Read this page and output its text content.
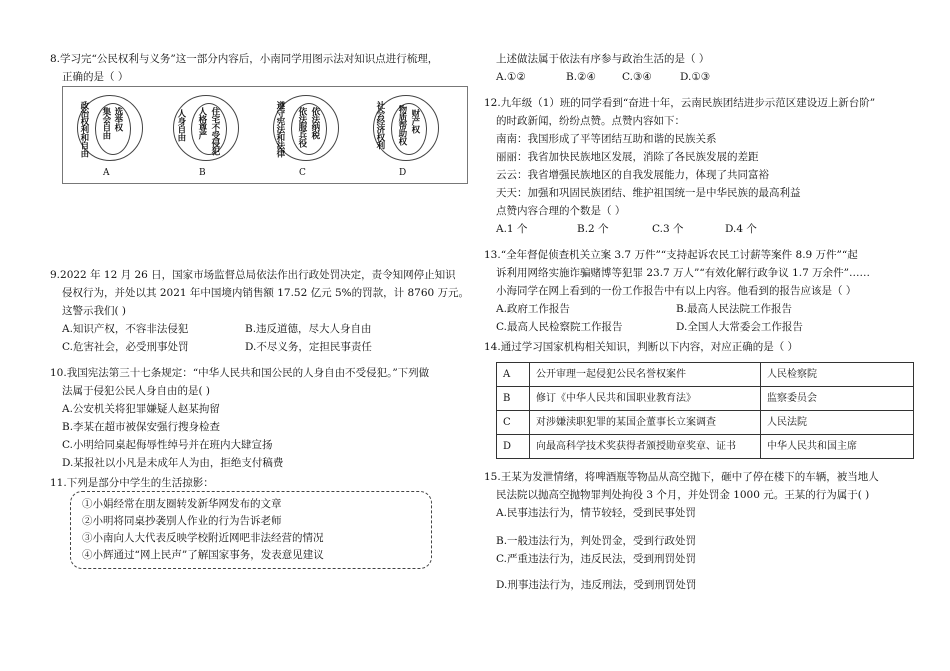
8.学习完“公民权利与义务”这一部分内容后，小南同学用图示法对知识点进行梳理，
正确的是（ ）
政治权利和自由	选举权
集会自由
A
人身自由 人格尊严 住宅不受侵犯
B
遵守宪法和法律 依法服兵役 依法纳税
C
社会经济权利 物质帮助权 财产权
D
9.2022 年 12 月 26 日，国家市场监督总局依法作出行政处罚决定，责令知网停止知识
侵权行为，并处以其 2021 年中国境内销售额 17.52 亿元 5%的罚款，计 8760 万元。
这警示我们( )
A.知识产权，不容非法侵犯	B.违反道德，尽大人身自由
C.危害社会，必受刑事处罚	D.不尽义务，定担民事责任
10.我国宪法第三十七条规定：“中华人民共和国公民的人身自由不受侵犯。”下列做
法属于侵犯公民人身自由的是( )
A.公安机关将犯罪嫌疑人赵某拘留
B.李某在超市被保安强行搜身检查
C.小明给同桌起侮辱性绰号并在班内大肆宣扬
D.某报社以小凡是未成年人为由，拒绝支付稿费
11.下列是部分中学生的生活掠影：
①小娟经常在朋友圈转发新华网发布的文章
②小明将同桌抄袭别人作业的行为告诉老师
③小南向人大代表反映学校附近网吧非法经营的情况
④小辉通过“网上民声”了解国家事务，发表意见建议
上述做法属于依法有序参与政治生活的是（ ）
A.①②	B.②④ C.③④	D.①③
12.九年级（1）班的同学看到“奋进十年，云南民族团结进步示范区建设迈上新台阶”
的时政新闻，纷纷点赞。点赞内容如下：
南南：我国形成了平等团结互助和谐的民族关系
丽丽：我省加快民族地区发展，消除了各民族发展的差距
云云：我省增强民族地区的自我发展能力，体现了共同富裕
天天：加强和巩固民族团结、维护祖国统一是中华民族的最高利益
点赞内容合理的个数是（ ）
A.1 个	B.2 个	C.3 个	D.4 个
13.“全年督促侦查机关立案 3.7 万件”“支持起诉农民工讨薪等案件 8.9 万件”“起
诉利用网络实施诈骗赌博等犯罪 23.7 万人”“有效化解行政争议 1.7 万余件”……
小海同学在网上看到的一份工作报告中有以上内容。他看到的报告应该是（ ）
A.政府工作报告	B.最高人民法院工作报告
C.最高人民检察院工作报告	D.全国人大常委会工作报告
14.通过学习国家机构相关知识，判断以下内容，对应正确的是（ ）
A	公开审理一起侵犯公民名誉权案件	人民检察院
B	修订《中华人民共和国职业教育法》	监察委员会
C	对涉嫌渎职犯罪的某国企董事长立案调查	人民法院
D	向最高科学技术奖获得者颁授勋章奖章、证书	中华人民共和国主席
15.王某为发泄情绪，将啤酒瓶等物品从高空抛下，砸中了停在楼下的车辆，被当地人
民法院以抛高空抛物罪判处拘役 3 个月，并处罚金 1000 元。王某的行为属于( )
A.民事违法行为，情节较轻，受到民事处罚
B.一般违法行为，判处罚金，受到行政处罚
C.严重违法行为，违反民法，受到刑罚处罚
D.刑事违法行为，违反刑法，受到刑罚处罚
